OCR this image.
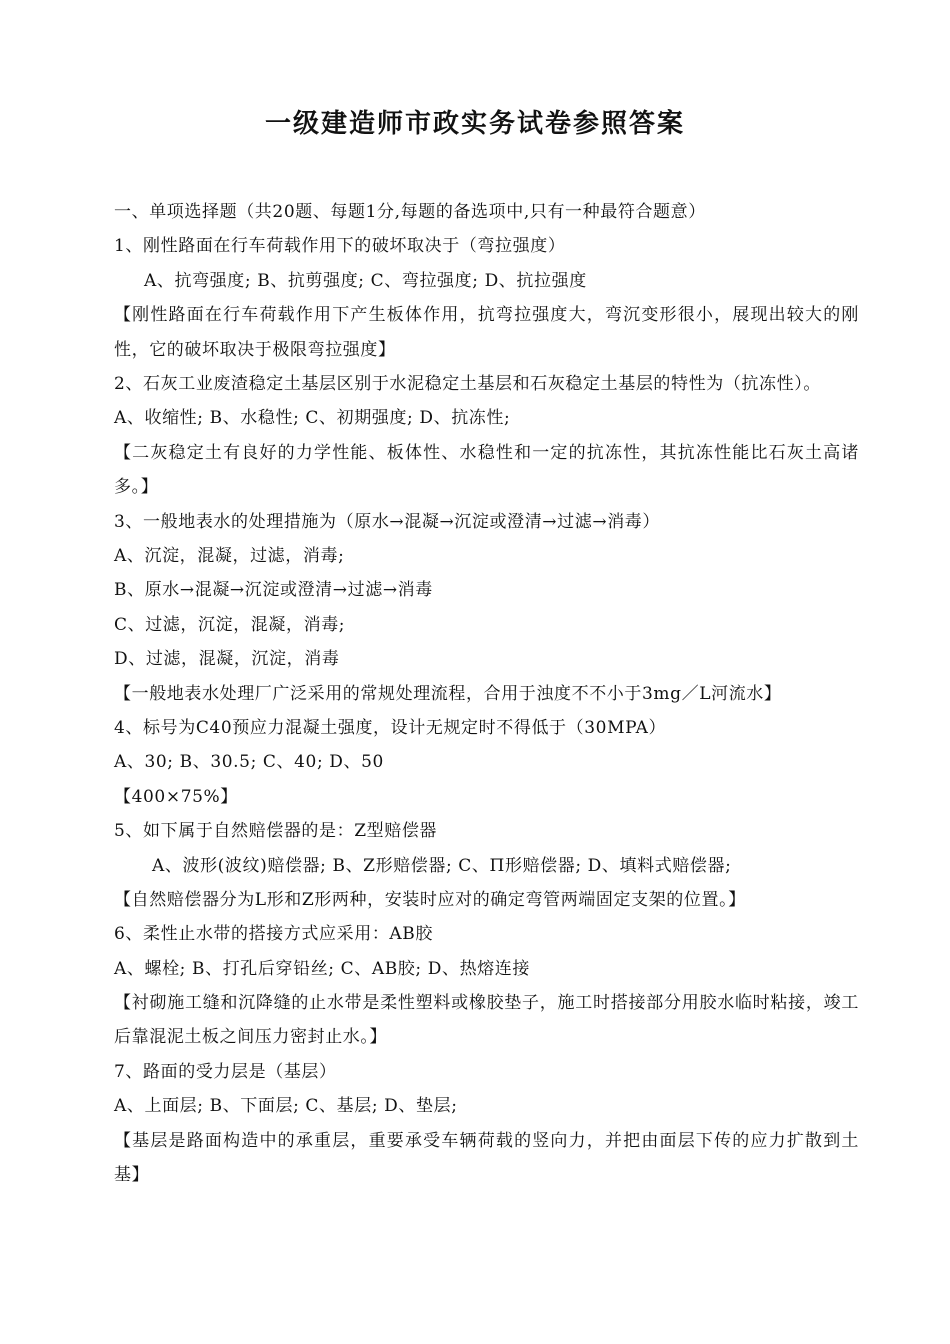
一级建造师市政实务试卷参照答案
一、单项选择题（共20题、每题1分,每题的备选项中,只有一种最符合题意）
1、刚性路面在行车荷载作用下的破坏取决于（弯拉强度）
A、抗弯强度; B、抗剪强度; C、弯拉强度; D、抗拉强度
【刚性路面在行车荷载作用下产生板体作用，抗弯拉强度大，弯沉变形很小，展现出较大的刚性，它的破坏取决于极限弯拉强度】
2、石灰工业废渣稳定土基层区别于水泥稳定土基层和石灰稳定土基层的特性为（抗冻性）。
A、收缩性; B、水稳性; C、初期强度; D、抗冻性;
【二灰稳定土有良好的力学性能、板体性、水稳性和一定的抗冻性，其抗冻性能比石灰土高诸多。】
3、一般地表水的处理措施为（原水→混凝→沉淀或澄清→过滤→消毒）
A、沉淀，混凝，过滤，消毒;
B、原水→混凝→沉淀或澄清→过滤→消毒
C、过滤，沉淀，混凝，消毒;
D、过滤，混凝，沉淀，消毒
【一般地表水处理厂广泛采用的常规处理流程，合用于浊度不不小于3mg／L河流水】
4、标号为C40预应力混凝土强度，设计无规定时不得低于（30MPA）
A、30; B、30.5; C、40; D、50
【400×75%】
5、如下属于自然赔偿器的是：Z型赔偿器
A、波形(波纹)赔偿器; B、Z形赔偿器; C、Π形赔偿器; D、填料式赔偿器;
【自然赔偿器分为L形和Z形两种，安装时应对的确定弯管两端固定支架的位置。】
6、柔性止水带的搭接方式应采用：AB胶
A、螺栓; B、打孔后穿铅丝; C、AB胶; D、热熔连接
【衬砌施工缝和沉降缝的止水带是柔性塑料或橡胶垫子，施工时搭接部分用胶水临时粘接，竣工后靠混泥土板之间压力密封止水。】
7、路面的受力层是（基层）
A、上面层; B、下面层; C、基层; D、垫层;
【基层是路面构造中的承重层，重要承受车辆荷载的竖向力，并把由面层下传的应力扩散到土基】
